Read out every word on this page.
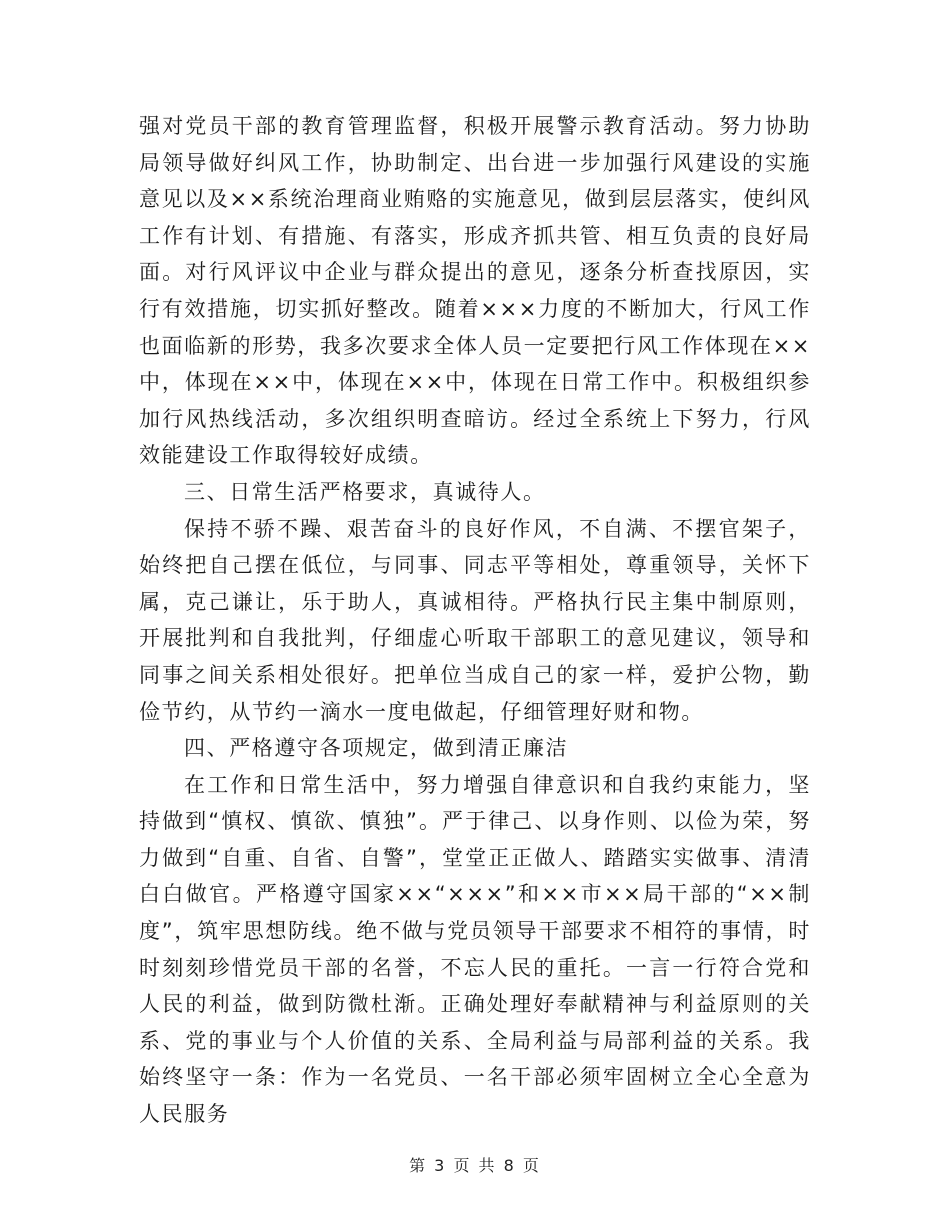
强对党员干部的教育管理监督，积极开展警示教育活动。努力协助局领导做好纠风工作，协助制定、出台进一步加强行风建设的实施意见以及××系统治理商业贿赂的实施意见，做到层层落实，使纠风工作有计划、有措施、有落实，形成齐抓共管、相互负责的良好局面。对行风评议中企业与群众提出的意见，逐条分析查找原因，实行有效措施，切实抓好整改。随着×××力度的不断加大，行风工作也面临新的形势，我多次要求全体人员一定要把行风工作体现在××中，体现在××中，体现在××中，体现在日常工作中。积极组织参加行风热线活动，多次组织明查暗访。经过全系统上下努力，行风效能建设工作取得较好成绩。

三、日常生活严格要求，真诚待人。

保持不骄不躁、艰苦奋斗的良好作风，不自满、不摆官架子，始终把自己摆在低位，与同事、同志平等相处，尊重领导，关怀下属，克己谦让，乐于助人，真诚相待。严格执行民主集中制原则，开展批判和自我批判，仔细虚心听取干部职工的意见建议，领导和同事之间关系相处很好。把单位当成自己的家一样，爱护公物，勤俭节约，从节约一滴水一度电做起，仔细管理好财和物。

四、严格遵守各项规定，做到清正廉洁

在工作和日常生活中，努力增强自律意识和自我约束能力，坚持做到“慎权、慎欲、慎独”。严于律己、以身作则、以俭为荣，努力做到“自重、自省、自警”，堂堂正正做人、踏踏实实做事、清清白白做官。严格遵守国家××“×××”和××市××局干部的“××制度”，筑牢思想防线。绝不做与党员领导干部要求不相符的事情，时时刻刻珍惜党员干部的名誉，不忘人民的重托。一言一行符合党和人民的利益，做到防微杜渐。正确处理好奉献精神与利益原则的关系、党的事业与个人价值的关系、全局利益与局部利益的关系。我始终坚守一条：作为一名党员、一名干部必须牢固树立全心全意为人民服务

第 3 页 共 8 页
